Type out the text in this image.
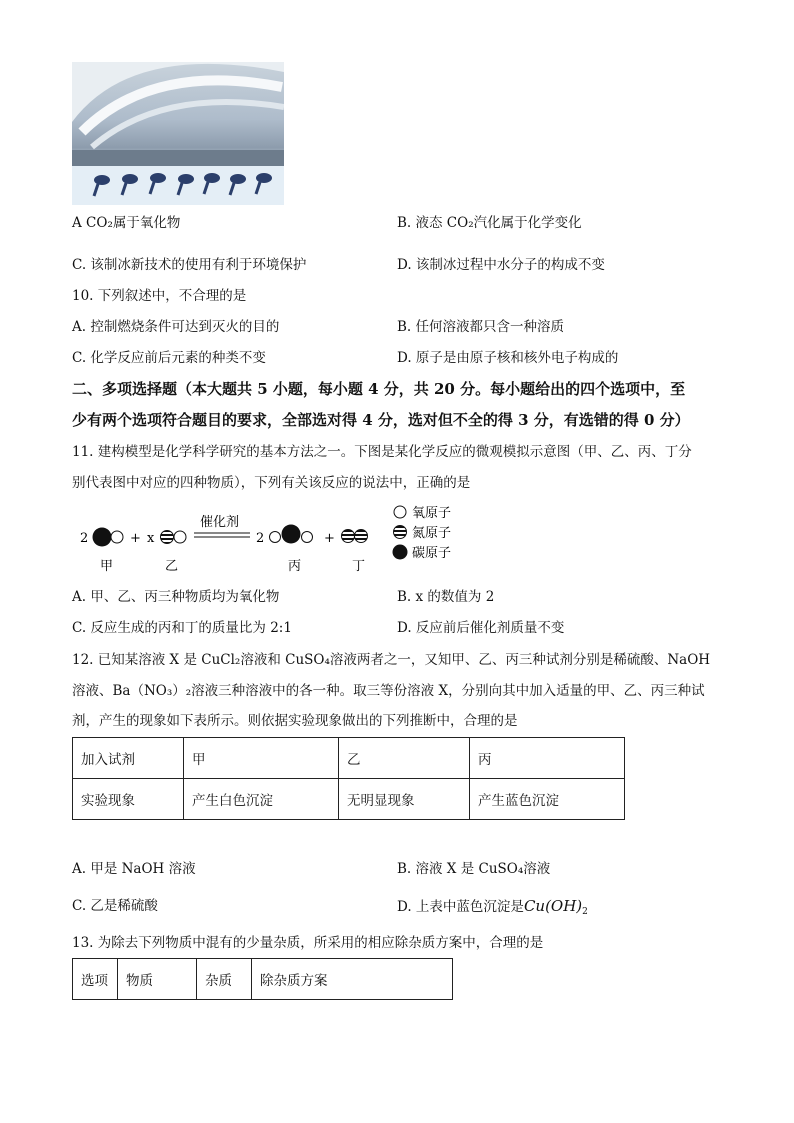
A CO₂属于氧化物	B. 液态 CO₂汽化属于化学变化
C. 该制冰新技术的使用有利于环境保护	D. 该制冰过程中水分子的构成不变
10. 下列叙述中，不合理的是
A. 控制燃烧条件可达到灭火的目的	B. 任何溶液都只含一种溶质
C. 化学反应前后元素的种类不变	D. 原子是由原子核和核外电子构成的
二、多项选择题（本大题共 5 小题，每小题 4 分，共 20 分。每小题给出的四个选项中，至
少有两个选项符合题目的要求，全部选对得 4 分，选对但不全的得 3 分，有选错的得 0 分）
11. 建构模型是化学科学研究的基本方法之一。下图是某化学反应的微观模拟示意图（甲、乙、丙、丁分
别代表图中对应的四种物质），下列有关该反应的说法中，正确的是
2	+ x
催化剂
2	+
氧原子
氮原子
碳原子
甲	乙	丙	丁
A. 甲、乙、丙三种物质均为氧化物	B. x 的数值为 2
C. 反应生成的丙和丁的质量比为 2:1	D. 反应前后催化剂质量不变
12. 已知某溶液 X 是 CuCl₂溶液和 CuSO₄溶液两者之一，又知甲、乙、丙三种试剂分别是稀硫酸、NaOH
溶液、Ba（NO₃）₂溶液三种溶液中的各一种。取三等份溶液 X，分别向其中加入适量的甲、乙、丙三种试
剂，产生的现象如下表所示。则依据实验现象做出的下列推断中，合理的是
加入试剂	甲	乙	丙
实验现象	产生白色沉淀	无明显现象	产生蓝色沉淀
A. 甲是 NaOH 溶液	B. 溶液 X 是 CuSO₄溶液
C. 乙是稀硫酸	D. 上表中蓝色沉淀是$Cu(OH)_2$
13. 为除去下列物质中混有的少量杂质，所采用的相应除杂质方案中，合理的是
选项	物质	杂质	除杂质方案
